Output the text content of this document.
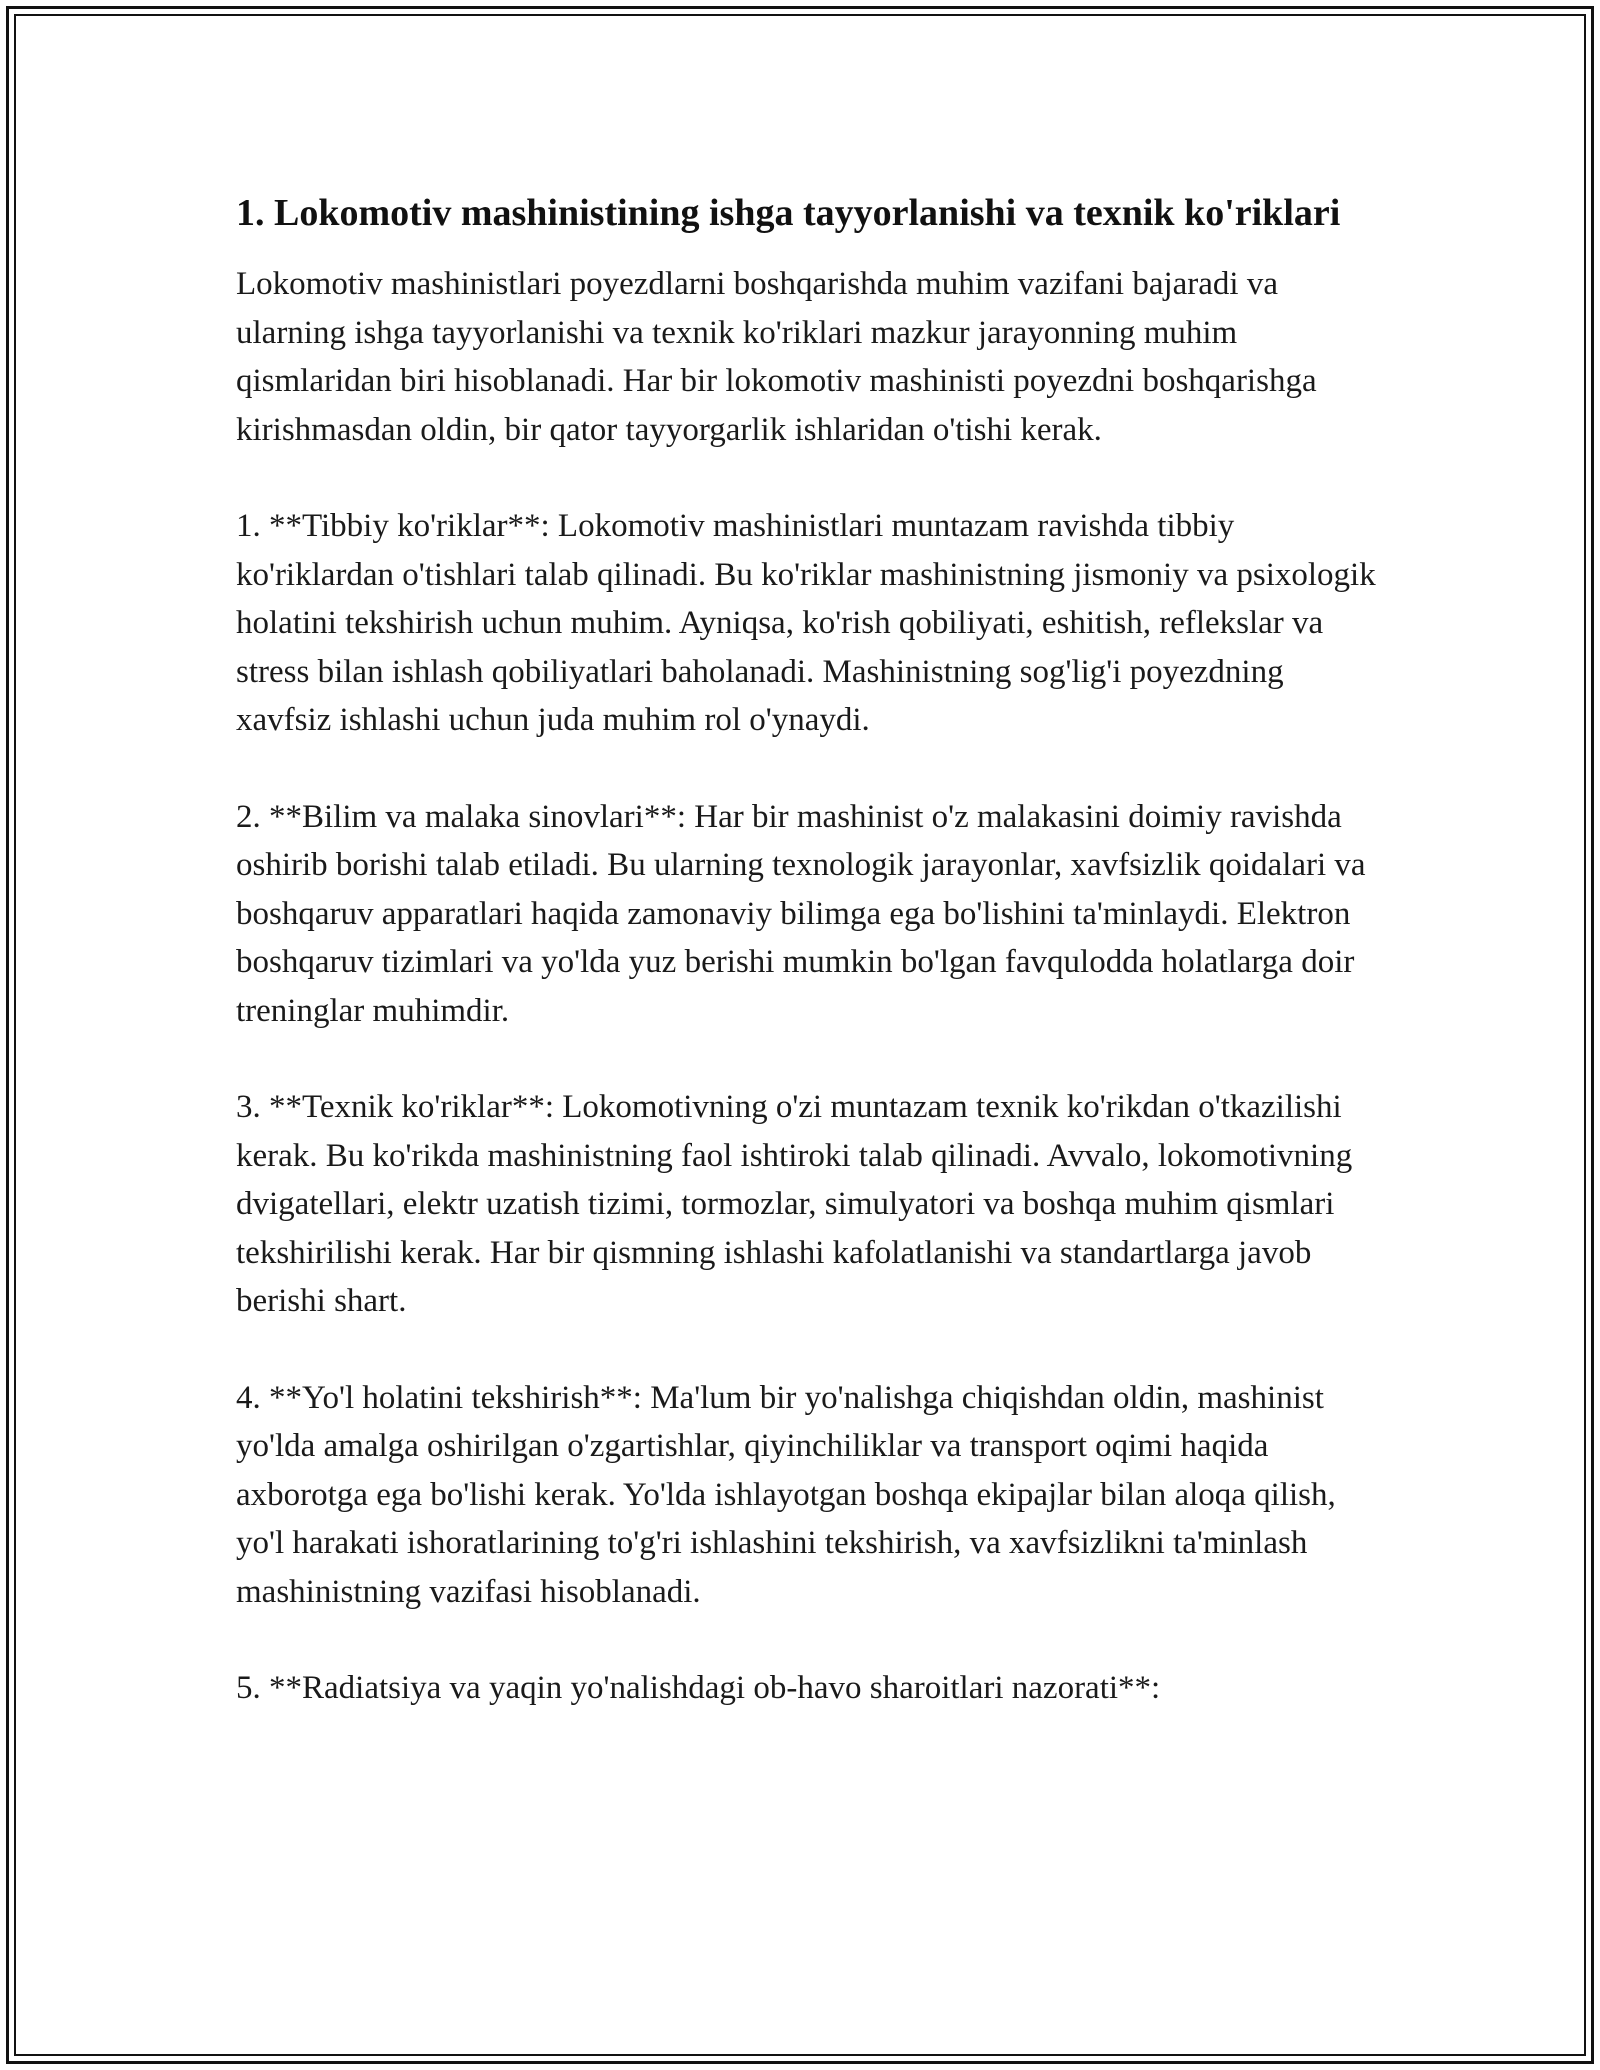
1. Lokomotiv mashinistining ishga tayyorlanishi va texnik ko'riklari

Lokomotiv mashinistlari poyezdlarni boshqarishda muhim vazifani bajaradi va ularning ishga tayyorlanishi va texnik ko'riklari mazkur jarayonning muhim qismlaridan biri hisoblanadi. Har bir lokomotiv mashinisti poyezdni boshqarishga kirishmasdan oldin, bir qator tayyorgarlik ishlaridan o'tishi kerak.

1. **Tibbiy ko'riklar**: Lokomotiv mashinistlari muntazam ravishda tibbiy ko'riklardan o'tishlari talab qilinadi. Bu ko'riklar mashinistning jismoniy va psixologik holatini tekshirish uchun muhim. Ayniqsa, ko'rish qobiliyati, eshitish, reflekslar va stress bilan ishlash qobiliyatlari baholanadi. Mashinistning sog'lig'i poyezdning xavfsiz ishlashi uchun juda muhim rol o'ynaydi.

2. **Bilim va malaka sinovlari**: Har bir mashinist o'z malakasini doimiy ravishda oshirib borishi talab etiladi. Bu ularning texnologik jarayonlar, xavfsizlik qoidalari va boshqaruv apparatlari haqida zamonaviy bilimga ega bo'lishini ta'minlaydi. Elektron boshqaruv tizimlari va yo'lda yuz berishi mumkin bo'lgan favqulodda holatlarga doir treninglar muhimdir.

3. **Texnik ko'riklar**: Lokomotivning o'zi muntazam texnik ko'rikdan o'tkazilishi kerak. Bu ko'rikda mashinistning faol ishtiroki talab qilinadi. Avvalo, lokomotivning dvigatellari, elektr uzatish tizimi, tormozlar, simulyatori va boshqa muhim qismlari tekshirilishi kerak. Har bir qismning ishlashi kafolatlanishi va standartlarga javob berishi shart.

4. **Yo'l holatini tekshirish**: Ma'lum bir yo'nalishga chiqishdan oldin, mashinist yo'lda amalga oshirilgan o'zgartishlar, qiyinchiliklar va transport oqimi haqida axborotga ega bo'lishi kerak. Yo'lda ishlayotgan boshqa ekipajlar bilan aloqa qilish, yo'l harakati ishoratlarining to'g'ri ishlashini tekshirish, va xavfsizlikni ta'minlash mashinistning vazifasi hisoblanadi.

5. **Radiatsiya va yaqin yo'nalishdagi ob-havo sharoitlari nazorati**:
